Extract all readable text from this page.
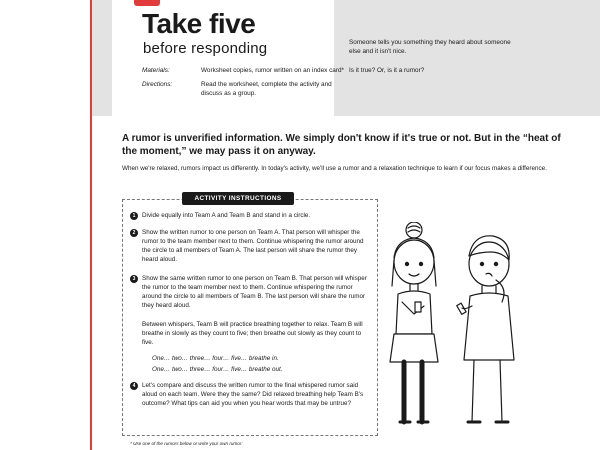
Take five
before responding
Materials:	Worksheet copies, rumor written on an index card*
Directions:	Read the worksheet, complete the activity and discuss as a group.
Someone tells you something they heard about someone else and it isn't nice.
Is it true? Or, is it a rumor?
A rumor is unverified information. We simply don't know if it's true or not. But in the “heat of the moment,” we may pass it on anyway.
When we're relaxed, rumors impact us differently. In today's activity, we'll use a rumor and a relaxation technique to learn if our focus makes a difference.
ACTIVITY INSTRUCTIONS
1	Divide equally into Team A and Team B and stand in a circle.
2	Show the written rumor to one person on Team A. That person will whisper the rumor to the team member next to them. Continue whispering the rumor around the circle to all members of Team A. The last person will share the rumor they heard aloud.
3	Show the same written rumor to one person on Team B. That person will whisper the rumor to the team member next to them. Continue whispering the rumor around the circle to all members of Team B. The last person will share the rumor they heard aloud.
Between whispers, Team B will practice breathing together to relax. Team B will breathe in slowly as they count to five; then breathe out slowly as they count to five.
One… two… three… four… five… breathe in.
One… two… three… four… five… breathe out.
4	Let's compare and discuss the written rumor to the final whispered rumor said aloud on each team. Were they the same? Did relaxed breathing help Team B's outcome? What tips can aid you when you hear words that may be untrue?
* Use one of the rumors below or write your own rumor:
